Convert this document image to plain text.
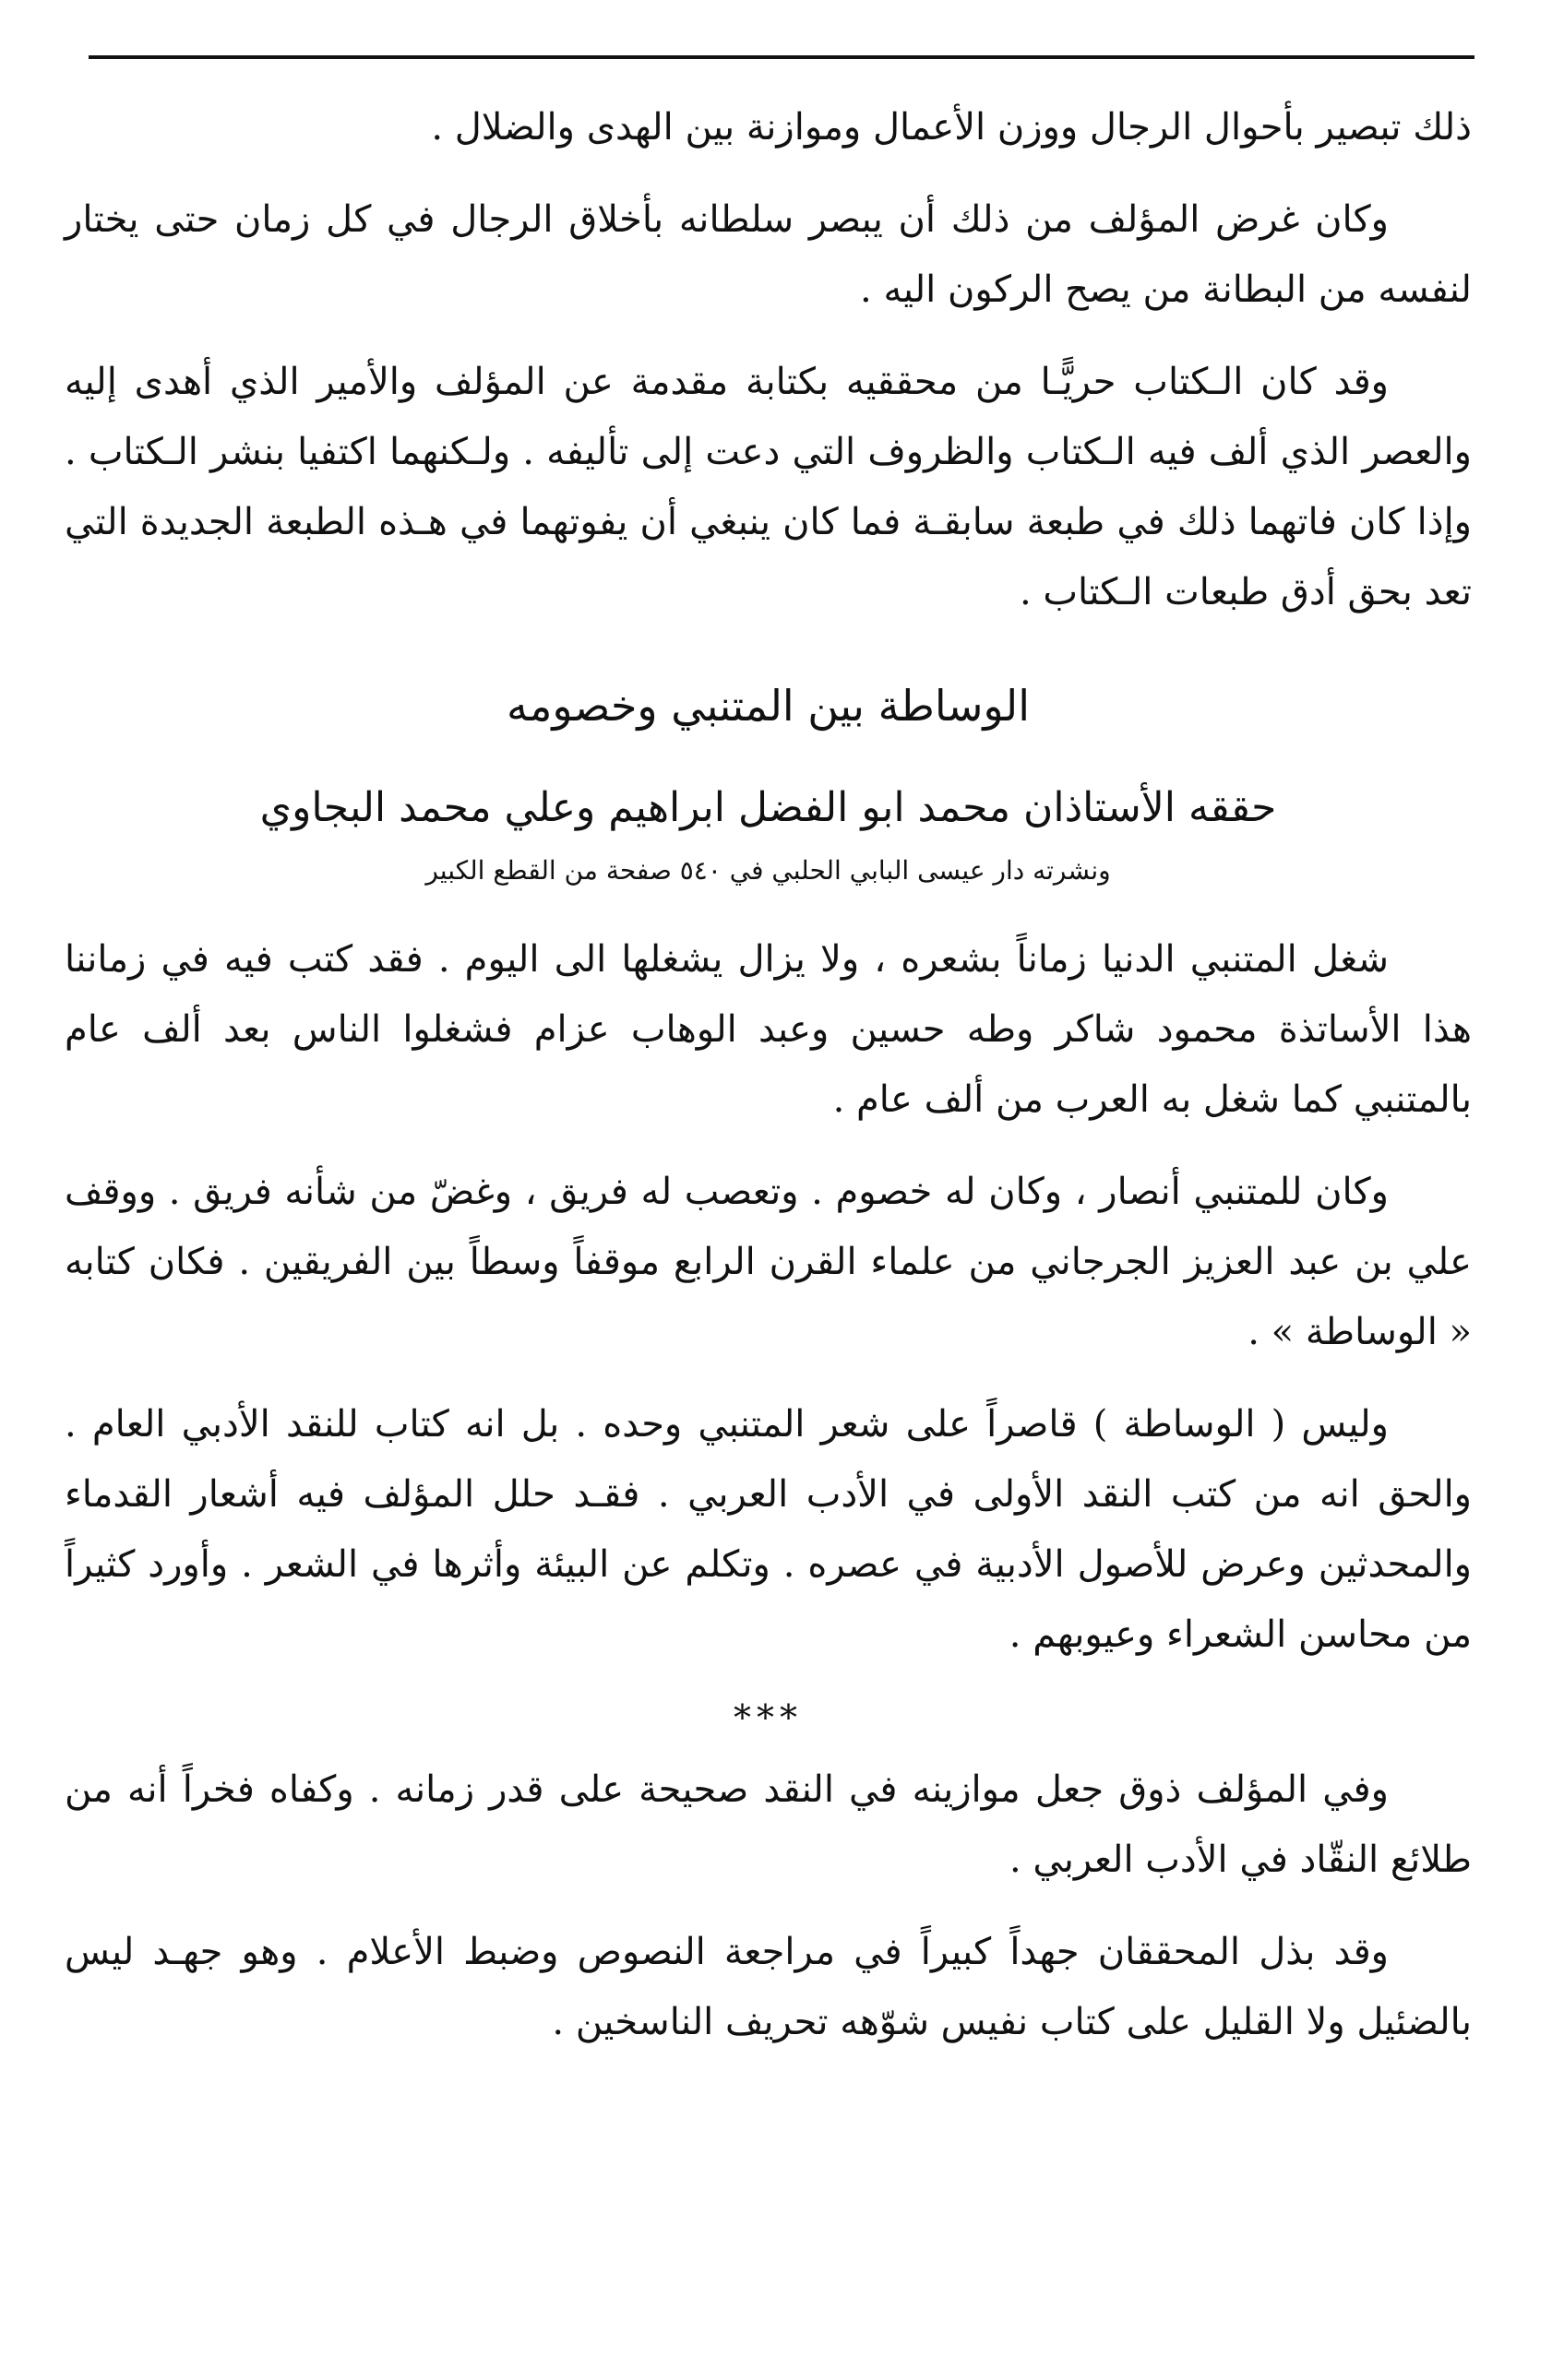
ذلك تبصير بأحوال الرجال ووزن الأعمال وموازنة بين الهدى والضلال .

وكان غرض المؤلف من ذلك أن يبصر سلطانه بأخلاق الرجال في كل زمان حتى يختار لنفسه من البطانة من يصح الركون اليه .

وقد كان الـكتاب حريًّـا من محققيه بكتابة مقدمة عن المؤلف والأمير الذي أهدى إليه والعصر الذي ألف فيه الـكتاب والظروف التي دعت إلى تأليفه . ولـكنهما اكتفيا بنشر الـكتاب . وإذا كان فاتهما ذلك في طبعة سابقـة فما كان ينبغي أن يفوتهما في هـذه الطبعة الجديدة التي تعد بحق أدق طبعات الـكتاب .

الوساطة بين المتنبي وخصومه
حققه الأستاذان محمد ابو الفضل ابراهيم وعلي محمد البجاوي
ونشرته دار عيسى البابي الحلبي في ٥٤٠ صفحة من القطع الكبير

شغل المتنبي الدنيا زماناً بشعره ، ولا يزال يشغلها الى اليوم . فقد كتب فيه في زماننا هذا الأساتذة محمود شاكر وطه حسين وعبد الوهاب عزام فشغلوا الناس بعد ألف عام بالمتنبي كما شغل به العرب من ألف عام .

وكان للمتنبي أنصار ، وكان له خصوم . وتعصب له فريق ، وغضّ من شأنه فريق . ووقف علي بن عبد العزيز الجرجاني من علماء القرن الرابع موقفاً وسطاً بين الفريقين . فكان كتابه « الوساطة » .

وليس ( الوساطة ) قاصراً على شعر المتنبي وحده . بل انه كتاب للنقد الأدبي العام . والحق انه من كتب النقد الأولى في الأدب العربي . فقـد حلل المؤلف فيه أشعار القدماء والمحدثين وعرض للأصول الأدبية في عصره . وتكلم عن البيئة وأثرها في الشعر . وأورد كثيراً من محاسن الشعراء وعيوبهم .

***

وفي المؤلف ذوق جعل موازينه في النقد صحيحة على قدر زمانه . وكفاه فخراً أنه من طلائع النقّاد في الأدب العربي .

وقد بذل المحققان جهداً كبيراً في مراجعة النصوص وضبط الأعلام . وهو جهـد ليس بالضئيل ولا القليل على كتاب نفيس شوّهه تحريف الناسخين .
